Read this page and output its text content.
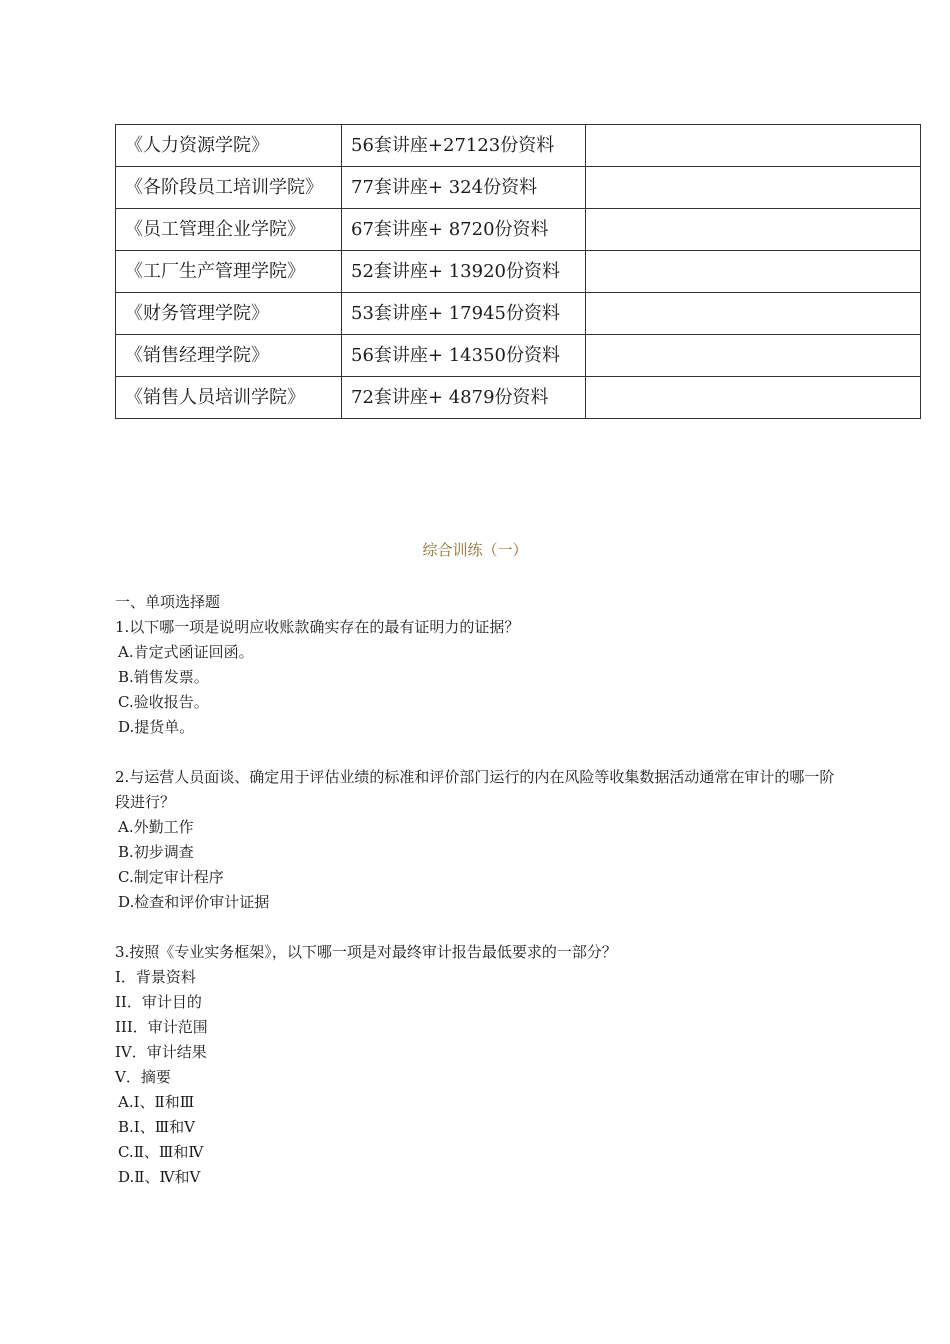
《人力资源学院》	56套讲座+27123份资料	
《各阶段员工培训学院》	77套讲座+ 324份资料	
《员工管理企业学院》	67套讲座+ 8720份资料	
《工厂生产管理学院》	52套讲座+ 13920份资料	
《财务管理学院》	53套讲座+ 17945份资料	
《销售经理学院》	56套讲座+ 14350份资料	
《销售人员培训学院》	72套讲座+ 4879份资料	
综合训练（一）

一、单项选择题

1.以下哪一项是说明应收账款确实存在的最有证明力的证据？

A.肯定式函证回函。

B.销售发票。

C.验收报告。

D.提货单。

2.与运营人员面谈、确定用于评估业绩的标准和评价部门运行的内在风险等收集数据活动通常在审计的哪一阶段进行？

A.外勤工作

B.初步调查

C.制定审计程序

D.检查和评价审计证据

3.按照《专业实务框架》，以下哪一项是对最终审计报告最低要求的一部分？

I．背景资料

II．审计目的

III．审计范围

IV．审计结果

V．摘要

A.I、Ⅱ和Ⅲ

B.I、Ⅲ和Ⅴ

C.Ⅱ、Ⅲ和Ⅳ

D.Ⅱ、Ⅳ和Ⅴ
